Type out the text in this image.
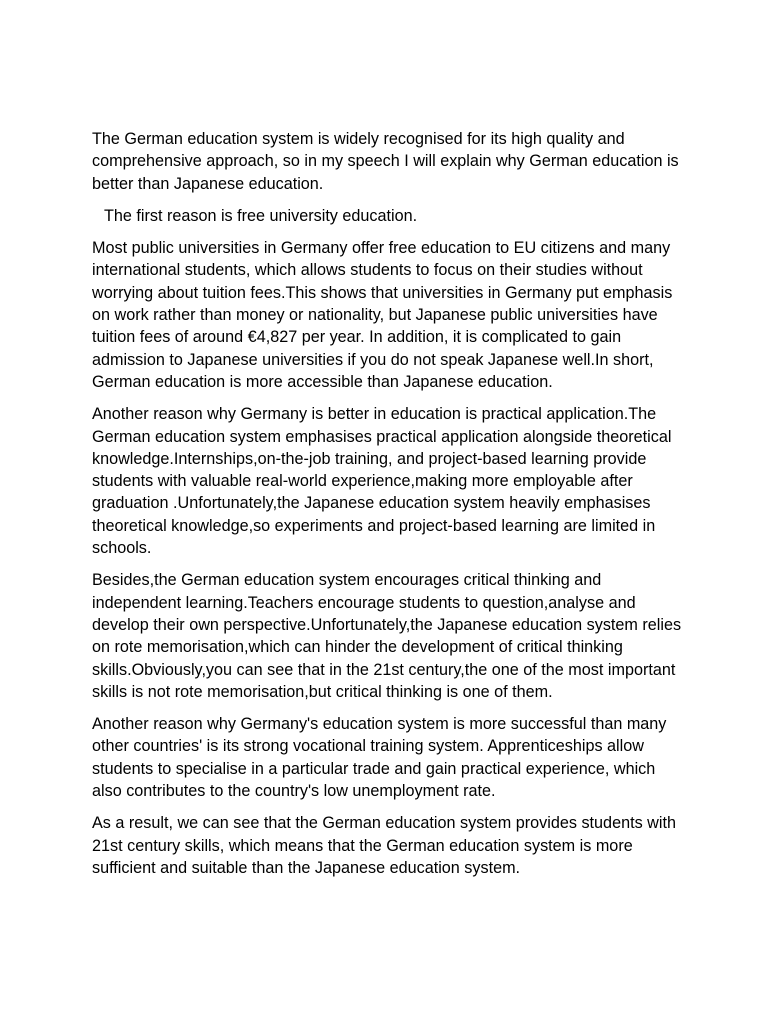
The German education system is widely recognised for its high quality and comprehensive approach, so in my speech I will explain why German education is better than Japanese education.

The first reason is free university education.

Most public universities in Germany offer free education to EU citizens and many international students, which allows students to focus on their studies without worrying about tuition fees.This shows that universities in Germany put emphasis on work rather than money or nationality, but Japanese public universities have tuition fees of around €4,827 per year. In addition, it is complicated to gain admission to Japanese universities if you do not speak Japanese well.In short, German education is more accessible than Japanese education.

Another reason why Germany is better in education is practical application.The German education system emphasises practical application alongside theoretical knowledge.Internships,on-the-job training, and project-based learning provide students with valuable real-world experience,making more employable after graduation .Unfortunately,the Japanese education system heavily emphasises theoretical knowledge,so experiments and project-based learning are limited in schools.

Besides,the German education system encourages critical thinking and independent learning.Teachers encourage students to question,analyse and develop their own perspective.Unfortunately,the Japanese education system relies on rote memorisation,which can hinder the development of critical thinking skills.Obviously,you can see that in the 21st century,the one of the most important skills is not rote memorisation,but critical thinking is one of them.

Another reason why Germany's education system is more successful than many other countries' is its strong vocational training system. Apprenticeships allow students to specialise in a particular trade and gain practical experience, which also contributes to the country's low unemployment rate.

As a result, we can see that the German education system provides students with 21st century skills, which means that the German education system is more sufficient and suitable than the Japanese education system.
